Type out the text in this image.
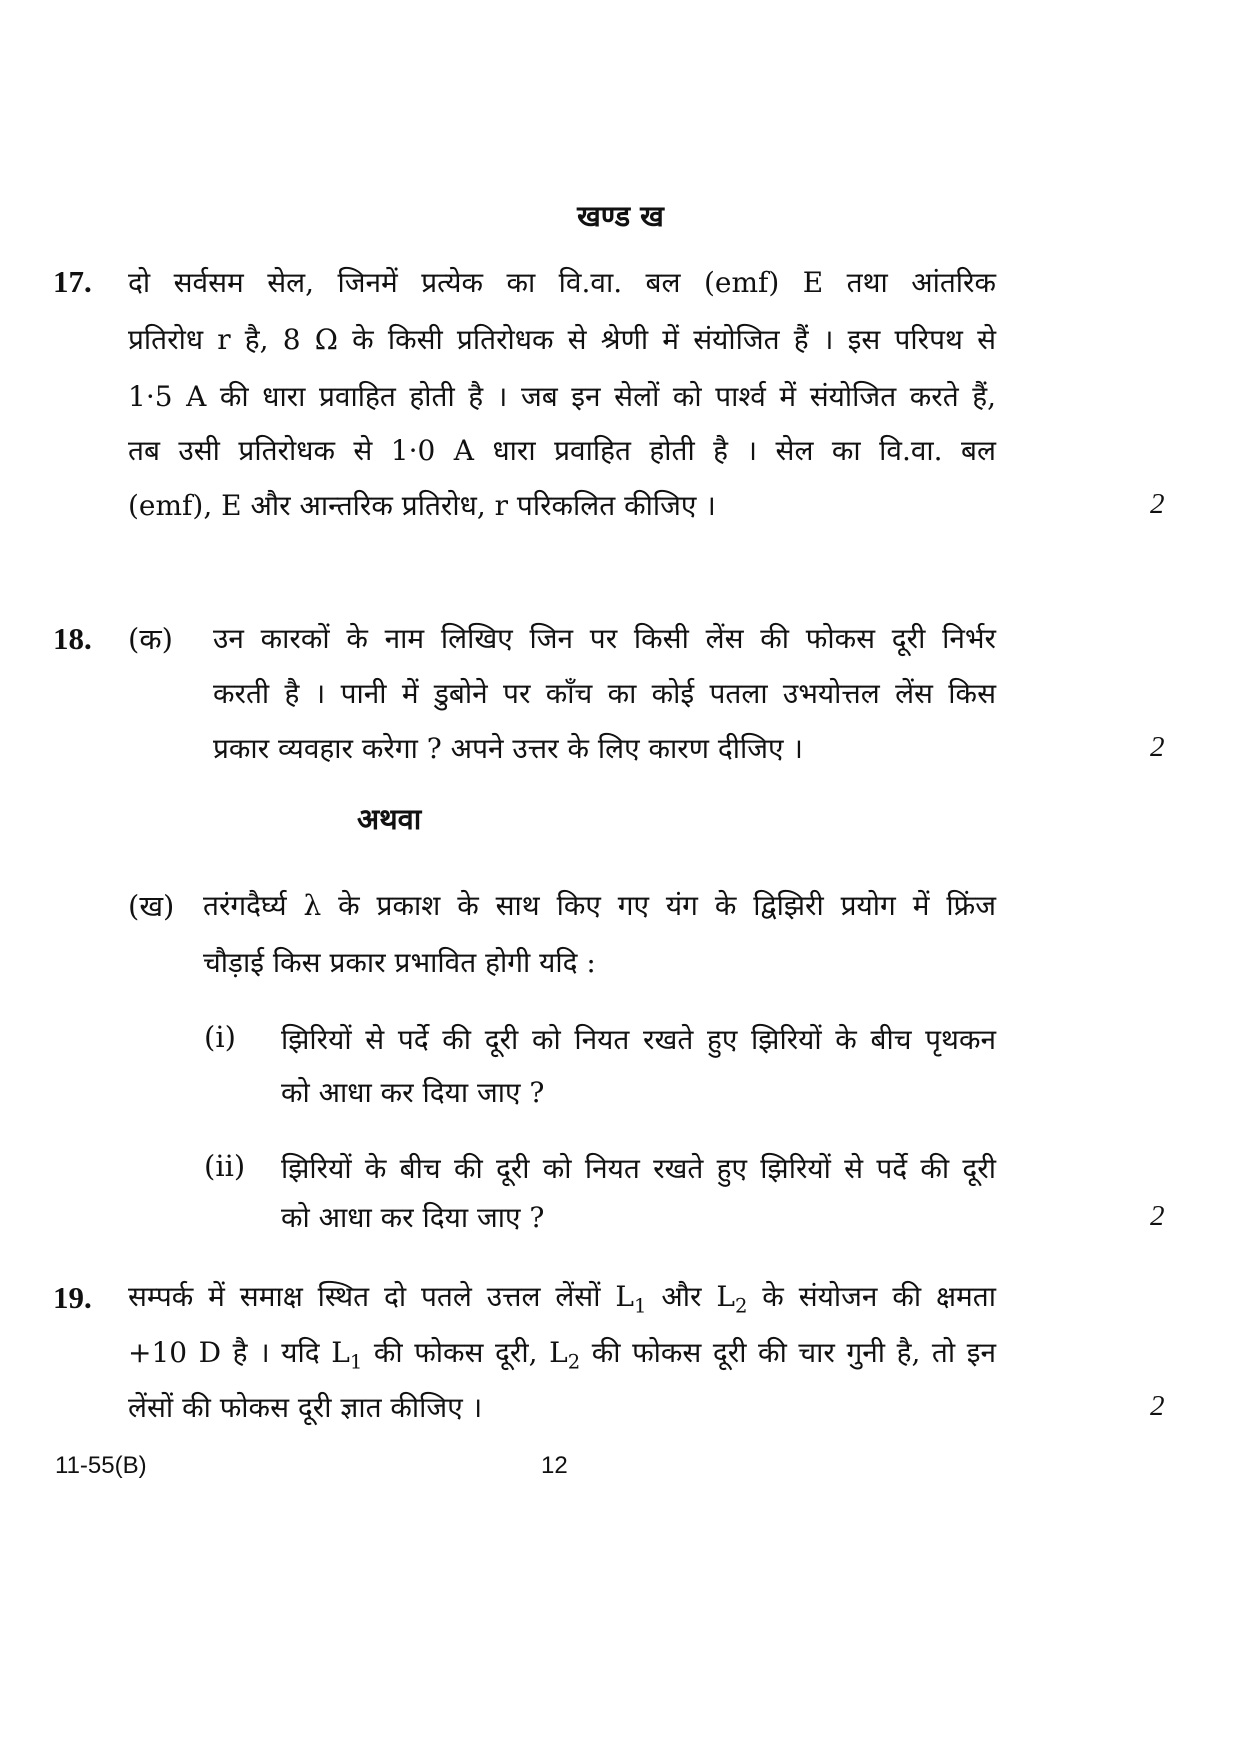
खण्ड ख
17. दो सर्वसम सेल, जिनमें प्रत्येक का वि.वा. बल (emf) E तथा आंतरिक
प्रतिरोध r है, 8 Ω के किसी प्रतिरोधक से श्रेणी में संयोजित हैं । इस परिपथ से
1·5 A की धारा प्रवाहित होती है । जब इन सेलों को पार्श्व में संयोजित करते हैं,
तब उसी प्रतिरोधक से 1·0 A धारा प्रवाहित होती है । सेल का वि.वा. बल
(emf), E और आन्तरिक प्रतिरोध, r परिकलित कीजिए ।	2
18. (क) उन कारकों के नाम लिखिए जिन पर किसी लेंस की फोकस दूरी निर्भर
करती है । पानी में डुबोने पर काँच का कोई पतला उभयोत्तल लेंस किस
प्रकार व्यवहार करेगा ? अपने उत्तर के लिए कारण दीजिए ।	2
अथवा
(ख) तरंगदैर्घ्य λ के प्रकाश के साथ किए गए यंग के द्विझिरी प्रयोग में फ्रिंज
चौड़ाई किस प्रकार प्रभावित होगी यदि :
(i) झिरियों से पर्दे की दूरी को नियत रखते हुए झिरियों के बीच पृथकन
को आधा कर दिया जाए ?
(ii) झिरियों के बीच की दूरी को नियत रखते हुए झिरियों से पर्दे की दूरी
को आधा कर दिया जाए ?	2
19. सम्पर्क में समाक्ष स्थित दो पतले उत्तल लेंसों $L_1$ और $L_2$ के संयोजन की क्षमता
+10 D है । यदि $L_1$ की फोकस दूरी, $L_2$ की फोकस दूरी की चार गुनी है, तो इन
लेंसों की फोकस दूरी ज्ञात कीजिए ।	2
11-55(B)	12
